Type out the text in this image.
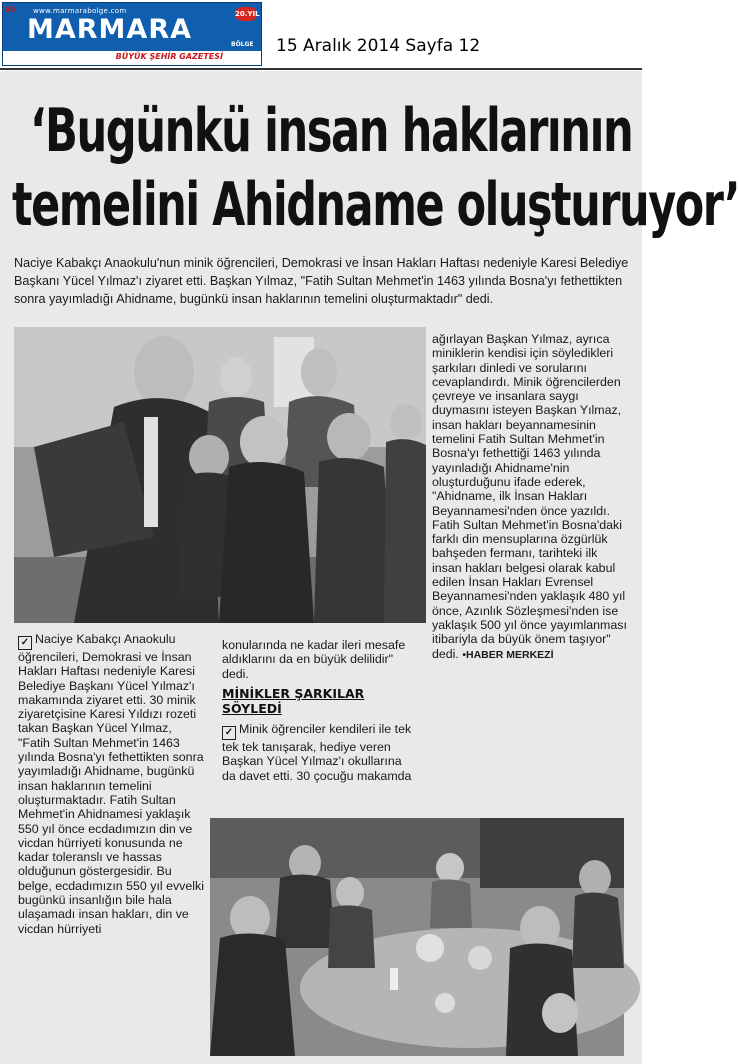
65 www.marmarabolge.com
MARMARA	20.YIL
BÖLGE
BÜYÜK ŞEHİR GAZETESİ
15 Aralık 2014 Sayfa 12
‘Bugünkü insan haklarının
temelini Ahidname oluşturuyor’
Naciye Kabakçı Anaokulu'nun minik öğrencileri, Demokrasi ve İnsan Hakları Haftası nedeniyle Karesi Belediye Başkanı Yücel Yılmaz'ı ziyaret etti. Başkan Yılmaz, "Fatih Sultan Mehmet'in 1463 yılında Bosna'yı fethettikten sonra yayımladığı Ahidname, bugünkü insan haklarının temelini oluşturmaktadır" dedi.

✓ Naciye Kabakçı Anaokulu öğrencileri, Demokrasi ve İnsan Hakları Haftası nedeniyle Karesi Belediye Başkanı Yücel Yılmaz'ı makamında ziyaret etti. 30 minik ziyaretçisine Karesi Yıldızı rozeti takan Başkan Yücel Yılmaz, "Fatih Sultan Mehmet'in 1463 yılında Bosna'yı fethettikten sonra yayımladığı Ahidname, bugünkü insan haklarının temelini oluşturmaktadır. Fatih Sultan Mehmet'in Ahidnamesi yaklaşık 550 yıl önce ecdadımızın din ve vicdan hürriyeti konusunda ne kadar toleranslı ve hassas olduğunun göstergesidir. Bu belge, ecdadımızın 550 yıl evvelki bugünkü insanlığın bile hala ulaşamadı insan hakları, din ve vicdan hürriyeti

konularında ne kadar ileri mesafe aldıklarını da en büyük delilidir" dedi.
MİNİKLER ŞARKILAR SÖYLEDİ

✓ Minik öğrenciler kendileri ile tek tek tek tanışarak, hediye veren Başkan Yücel Yılmaz'ı okullarına da davet etti. 30 çocuğu makamda

ağırlayan Başkan Yılmaz, ayrıca miniklerin kendisi için söyledikleri şarkıları dinledi ve sorularını cevaplandırdı. Minik öğrencilerden çevreye ve insanlara saygı duymasını isteyen Başkan Yılmaz, insan hakları beyannamesinin temelini Fatih Sultan Mehmet'in Bosna'yı fethettiği 1463 yılında yayınladığı Ahidname'nin oluşturduğunu ifade ederek, "Ahidname, ilk İnsan Hakları Beyannamesi'nden önce yazıldı. Fatih Sultan Mehmet'in Bosna'daki farklı din mensuplarına özgürlük bahşeden fermanı, tarihteki ilk insan hakları belgesi olarak kabul edilen İnsan Hakları Evrensel Beyannamesi'nden yaklaşık 480 yıl önce, Azınlık Sözleşmesi'nden ise yaklaşık 500 yıl önce yayımlanması itibariyla da büyük önem taşıyor" dedi. •HABER MERKEZİ
